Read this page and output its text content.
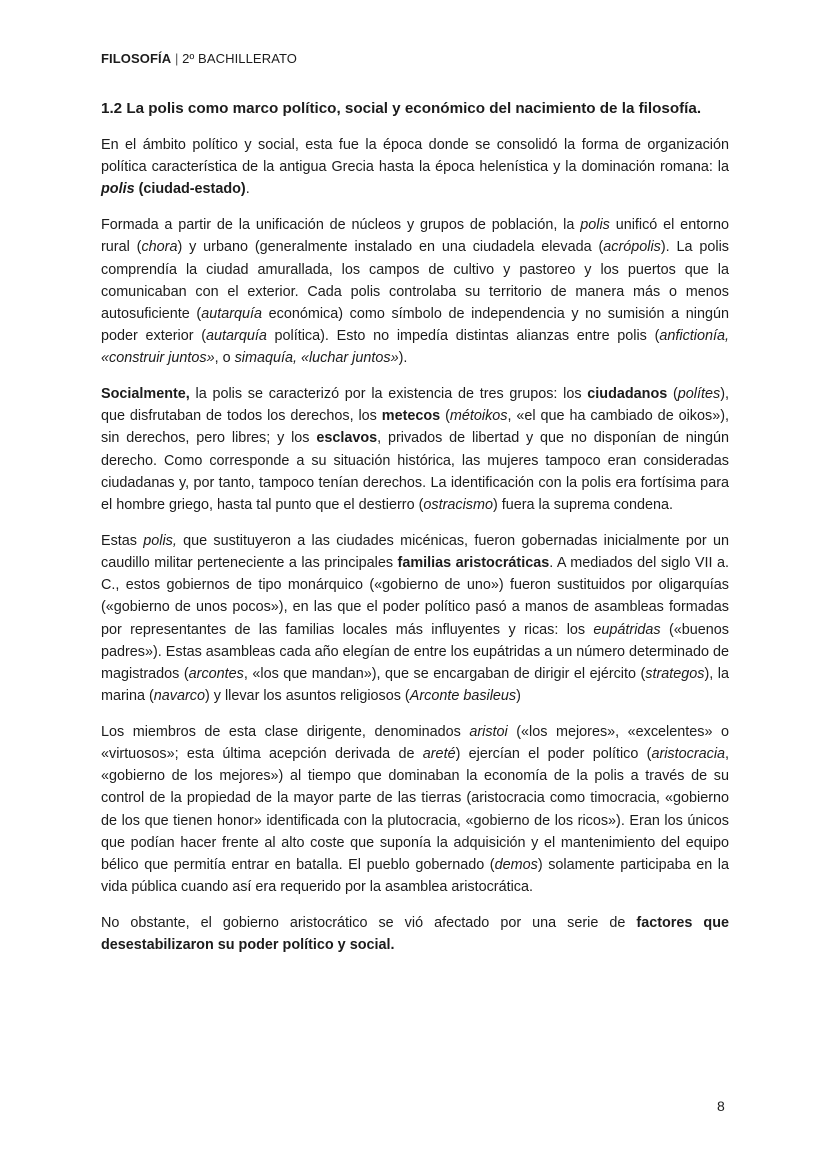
FILOSOFÍA | 2º BACHILLERATO
1.2 La polis como marco político, social y económico del nacimiento de la filosofía.

En el ámbito político y social, esta fue la época donde se consolidó la forma de organización política característica de la antigua Grecia hasta la época helenística y la dominación romana: la polis (ciudad-estado).

Formada a partir de la unificación de núcleos y grupos de población, la polis unificó el entorno rural (chora) y urbano (generalmente instalado en una ciudadela elevada (acrópolis). La polis comprendía la ciudad amurallada, los campos de cultivo y pastoreo y los puertos que la comunicaban con el exterior. Cada polis controlaba su territorio de manera más o menos autosuficiente (autarquía económica) como símbolo de independencia y no sumisión a ningún poder exterior (autarquía política). Esto no impedía distintas alianzas entre polis (anfictionía, «construir juntos», o simaquía, «luchar juntos»).

Socialmente, la polis se caracterizó por la existencia de tres grupos: los ciudadanos (polítes), que disfrutaban de todos los derechos, los metecos (métoikos, «el que ha cambiado de oikos»), sin derechos, pero libres; y los esclavos, privados de libertad y que no disponían de ningún derecho. Como corresponde a su situación histórica, las mujeres tampoco eran consideradas ciudadanas y, por tanto, tampoco tenían derechos. La identificación con la polis era fortísima para el hombre griego, hasta tal punto que el destierro (ostracismo) fuera la suprema condena.

Estas polis, que sustituyeron a las ciudades micénicas, fueron gobernadas inicialmente por un caudillo militar perteneciente a las principales familias aristocráticas. A mediados del siglo VII a. C., estos gobiernos de tipo monárquico («gobierno de uno») fueron sustituidos por oligarquías («gobierno de unos pocos»), en las que el poder político pasó a manos de asambleas formadas por representantes de las familias locales más influyentes y ricas: los eupátridas («buenos padres»). Estas asambleas cada año elegían de entre los eupátridas a un número determinado de magistrados (arcontes, «los que mandan»), que se encargaban de dirigir el ejército (strategos), la marina (navarco) y llevar los asuntos religiosos (Arconte basileus)

Los miembros de esta clase dirigente, denominados aristoi («los mejores», «excelentes» o «virtuosos»; esta última acepción derivada de areté) ejercían el poder político (aristocracia, «gobierno de los mejores») al tiempo que dominaban la economía de la polis a través de su control de la propiedad de la mayor parte de las tierras (aristocracia como timocracia, «gobierno de los que tienen honor» identificada con la plutocracia, «gobierno de los ricos»). Eran los únicos que podían hacer frente al alto coste que suponía la adquisición y el mantenimiento del equipo bélico que permitía entrar en batalla. El pueblo gobernado (demos) solamente participaba en la vida pública cuando así era requerido por la asamblea aristocrática.

No obstante, el gobierno aristocrático se vió afectado por una serie de factores que desestabilizaron su poder político y social.

8
